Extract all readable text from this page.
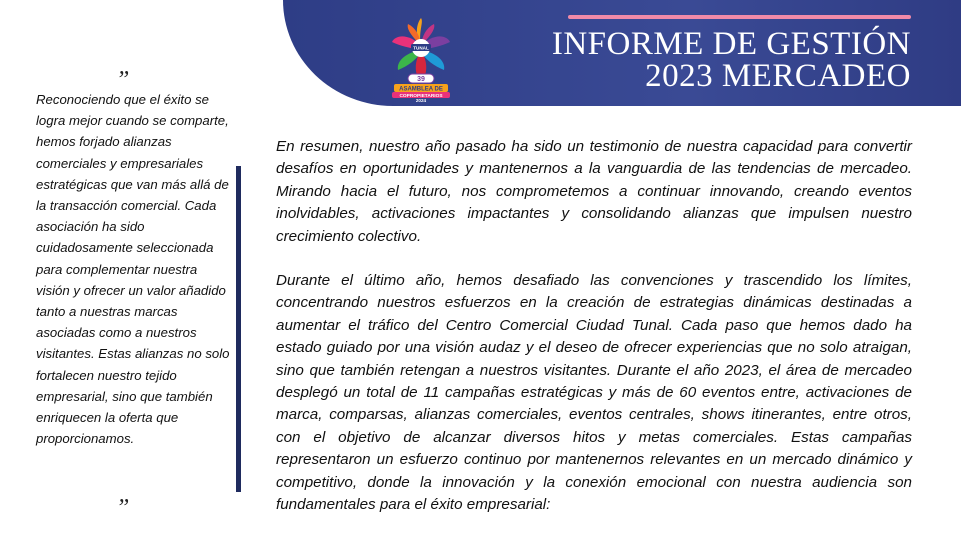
TUNAL
39
ASAMBLEA DE
COPROPIETARIOS
2024
INFORME DE GESTIÓN
2023 MERCADEO
”
Reconociendo que el éxito se logra mejor cuando se comparte, hemos forjado alianzas comerciales y empresariales estratégicas que van más allá de la transacción comercial. Cada asociación ha sido cuidadosamente seleccionada para complementar nuestra visión y ofrecer un valor añadido tanto a nuestras marcas asociadas como a nuestros visitantes. Estas alianzas no solo fortalecen nuestro tejido empresarial, sino que también enriquecen la oferta que proporcionamos.
”

En resumen, nuestro año pasado ha sido un testimonio de nuestra capacidad para convertir desafíos en oportunidades y mantenernos a la vanguardia de las tendencias de mercadeo. Mirando hacia el futuro, nos comprometemos a continuar innovando, creando eventos inolvidables, activaciones impactantes y consolidando alianzas que impulsen nuestro crecimiento colectivo.

Durante el último año, hemos desafiado las convenciones y trascendido los límites, concentrando nuestros esfuerzos en la creación de estrategias dinámicas destinadas a aumentar el tráfico del Centro Comercial Ciudad Tunal. Cada paso que hemos dado ha estado guiado por una visión audaz y el deseo de ofrecer experiencias que no solo atraigan, sino que también retengan a nuestros visitantes. Durante el año 2023, el área de mercadeo desplegó un total de 11 campañas estratégicas y más de 60 eventos entre, activaciones de marca, comparsas, alianzas comerciales, eventos centrales, shows itinerantes, entre otros, con el objetivo de alcanzar diversos hitos y metas comerciales. Estas campañas representaron un esfuerzo continuo por mantenernos relevantes en un mercado dinámico y competitivo, donde la innovación y la conexión emocional con nuestra audiencia son fundamentales para el éxito empresarial:
